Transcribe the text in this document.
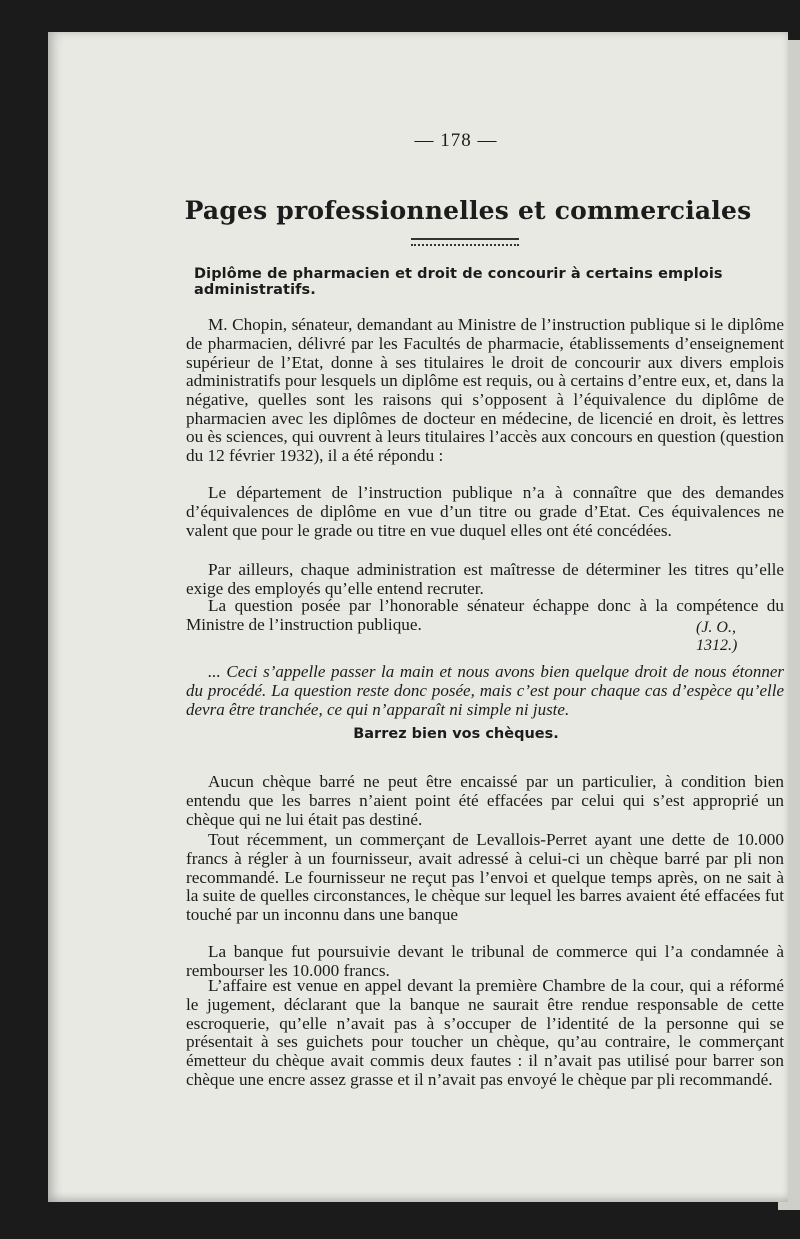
— 178 —
Pages professionnelles et commerciales
Diplôme de pharmacien et droit de concourir à certains emplois administratifs.

M. Chopin, sénateur, demandant au Ministre de l’instruction publique si le diplôme de pharmacien, délivré par les Facultés de pharmacie, établissements d’enseignement supérieur de l’Etat, donne à ses titulaires le droit de concourir aux divers emplois administratifs pour lesquels un diplôme est requis, ou à certains d’entre eux, et, dans la négative, quelles sont les raisons qui s’opposent à l’équivalence du diplôme de pharmacien avec les diplômes de docteur en médecine, de licencié en droit, ès lettres ou ès sciences, qui ouvrent à leurs titulaires l’accès aux concours en question (question du 12 février 1932), il a été répondu :

Le département de l’instruction publique n’a à connaître que des demandes d’équivalences de diplôme en vue d’un titre ou grade d’Etat. Ces équivalences ne valent que pour le grade ou titre en vue duquel elles ont été concédées.

Par ailleurs, chaque administration est maîtresse de déterminer les titres qu’elle exige des employés qu’elle entend recruter.

La question posée par l’honorable sénateur échappe donc à la compétence du Ministre de l’instruction publique.	(J. O., 1312.)

... Ceci s’appelle passer la main et nous avons bien quelque droit de nous étonner du procédé. La question reste donc posée, mais c’est pour chaque cas d’espèce qu’elle devra être tranchée, ce qui n’apparaît ni simple ni juste.

Barrez bien vos chèques.

Aucun chèque barré ne peut être encaissé par un particulier, à condition bien entendu que les barres n’aient point été effacées par celui qui s’est approprié un chèque qui ne lui était pas destiné.

Tout récemment, un commerçant de Levallois-Perret ayant une dette de 10.000 francs à régler à un fournisseur, avait adressé à celui-ci un chèque barré par pli non recommandé. Le fournisseur ne reçut pas l’envoi et quelque temps après, on ne sait à la suite de quelles circonstances, le chèque sur lequel les barres avaient été effacées fut touché par un inconnu dans une banque

La banque fut poursuivie devant le tribunal de commerce qui l’a condamnée à rembourser les 10.000 francs.

L’affaire est venue en appel devant la première Chambre de la cour, qui a réformé le jugement, déclarant que la banque ne saurait être rendue responsable de cette escroquerie, qu’elle n’avait pas à s’occuper de l’identité de la personne qui se présentait à ses guichets pour toucher un chèque, qu’au contraire, le commerçant émetteur du chèque avait commis deux fautes : il n’avait pas utilisé pour barrer son chèque une encre assez grasse et il n’avait pas envoyé le chèque par pli recommandé.
